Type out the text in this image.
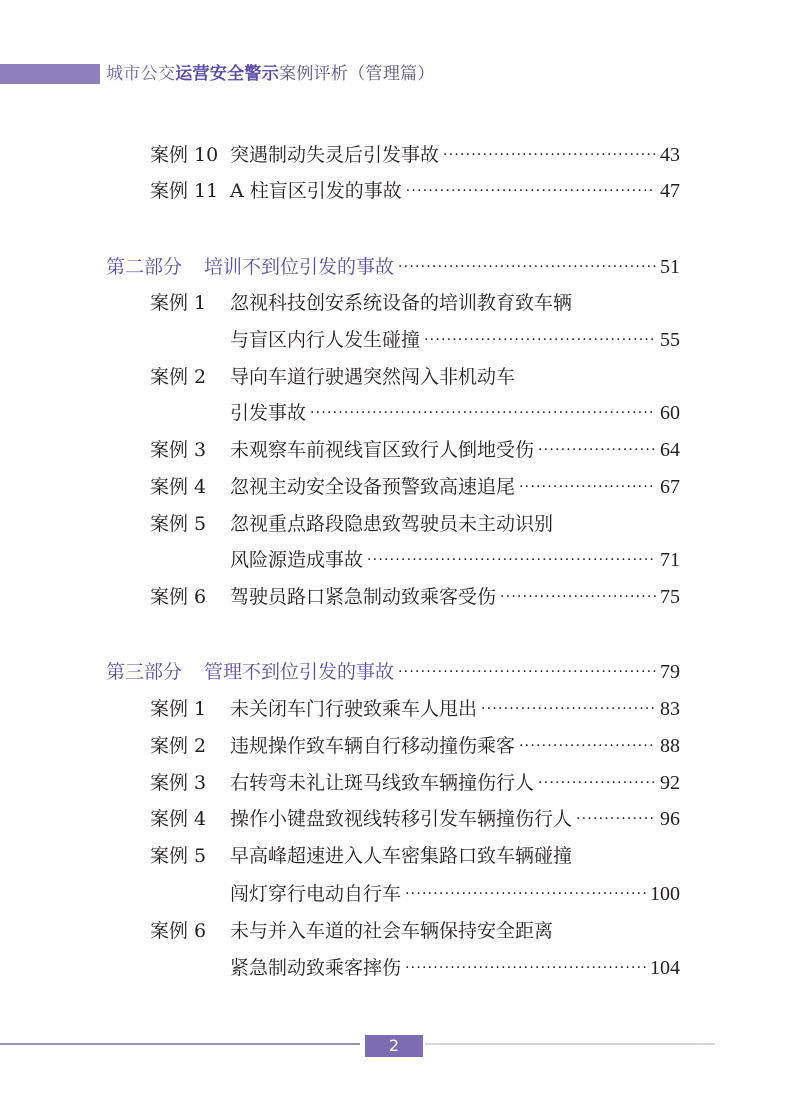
城市公交运营安全警示案例评析（管理篇）
案例 10 突遇制动失灵后引发事故 ·····	43
案例 11 A 柱盲区引发的事故 ·····	47
第二部分 培训不到位引发的事故 ·····	51
案例 1	忽视科技创安系统设备的培训教育致车辆
与盲区内行人发生碰撞 ·····	55
案例 2	导向车道行驶遇突然闯入非机动车
引发事故 ·····	60
案例 3	未观察车前视线盲区致行人倒地受伤 ·····	64
案例 4	忽视主动安全设备预警致高速追尾 ·····	67
案例 5	忽视重点路段隐患致驾驶员未主动识别
风险源造成事故 ·····	71
案例 6	驾驶员路口紧急制动致乘客受伤 ·····	75
第三部分 管理不到位引发的事故 ·····	79
案例 1	未关闭车门行驶致乘车人甩出 ·····	83
案例 2	违规操作致车辆自行移动撞伤乘客 ·····	88
案例 3	右转弯未礼让斑马线致车辆撞伤行人 ·····	92
案例 4	操作小键盘致视线转移引发车辆撞伤行人 ·····	96
案例 5	早高峰超速进入人车密集路口致车辆碰撞
闯灯穿行电动自行车 ·····	100
案例 6	未与并入车道的社会车辆保持安全距离
紧急制动致乘客摔伤 ·····	104
2
